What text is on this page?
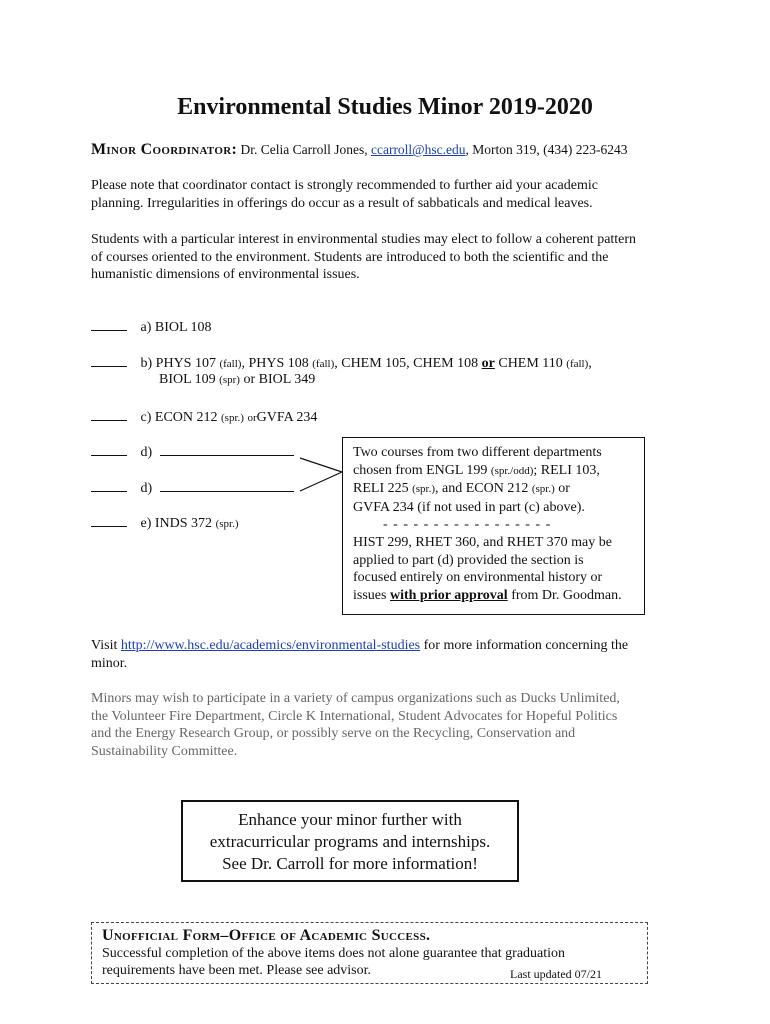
Environmental Studies Minor 2019-2020
Minor Coordinator: Dr. Celia Carroll Jones, ccarroll@hsc.edu, Morton 319, (434) 223-6243
Please note that coordinator contact is strongly recommended to further aid your academic
planning. Irregularities in offerings do occur as a result of sabbaticals and medical leaves.
Students with a particular interest in environmental studies may elect to follow a coherent pattern
of courses oriented to the environment. Students are introduced to both the scientific and the
humanistic dimensions of environmental issues.
a) BIOL 108
b) PHYS 107 (fall), PHYS 108 (fall), CHEM 105, CHEM 108 or CHEM 110 (fall),
BIOL 109 (spr) or BIOL 349
c) ECON 212 (spr.) orGVFA 234
d)
d)
e) INDS 372 (spr.)
Two courses from two different departments
chosen from ENGL 199 (spr./odd); RELI 103,
RELI 225 (spr.), and ECON 212 (spr.) or
GVFA 234 (if not used in part (c) above).
-----------------
HIST 299, RHET 360, and RHET 370 may be
applied to part (d) provided the section is
focused entirely on environmental history or
issues with prior approval from Dr. Goodman.
Visit http://www.hsc.edu/academics/environmental-studies for more information concerning the
minor.
Minors may wish to participate in a variety of campus organizations such as Ducks Unlimited,
the Volunteer Fire Department, Circle K International, Student Advocates for Hopeful Politics
and the Energy Research Group, or possibly serve on the Recycling, Conservation and
Sustainability Committee.
Enhance your minor further with
extracurricular programs and internships.
See Dr. Carroll for more information!
Unofficial Form–Office of Academic Success.
Successful completion of the above items does not alone guarantee that graduation
requirements have been met. Please see advisor.	Last updated 07/21
